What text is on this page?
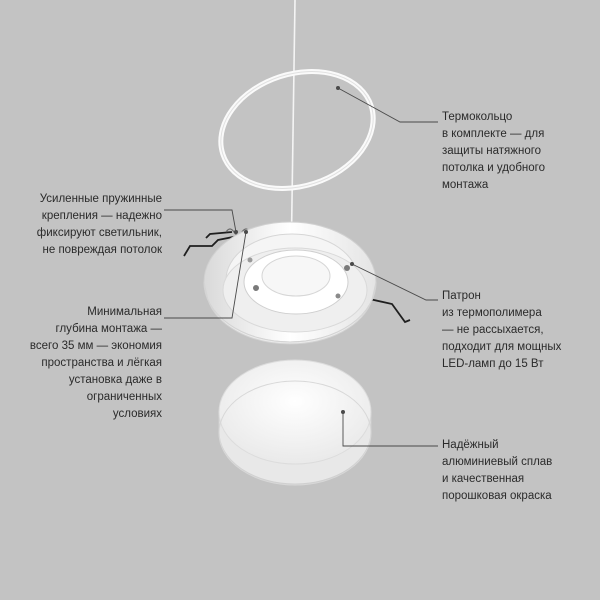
Термокольцо
в комплекте — для
защиты натяжного
потолка и удобного
монтажа
Усиленные пружинные
крепления — надежно
фиксируют светильник,
не повреждая потолок
Минимальная
глубина монтажа —
всего 35 мм — экономия
пространства и лёгкая
установка даже в
ограниченных
условиях
Патрон
из термополимера
— не рассыхается,
подходит для мощных
LED-ламп до 15 Вт
Надёжный
алюминиевый сплав
и качественная
порошковая окраска
